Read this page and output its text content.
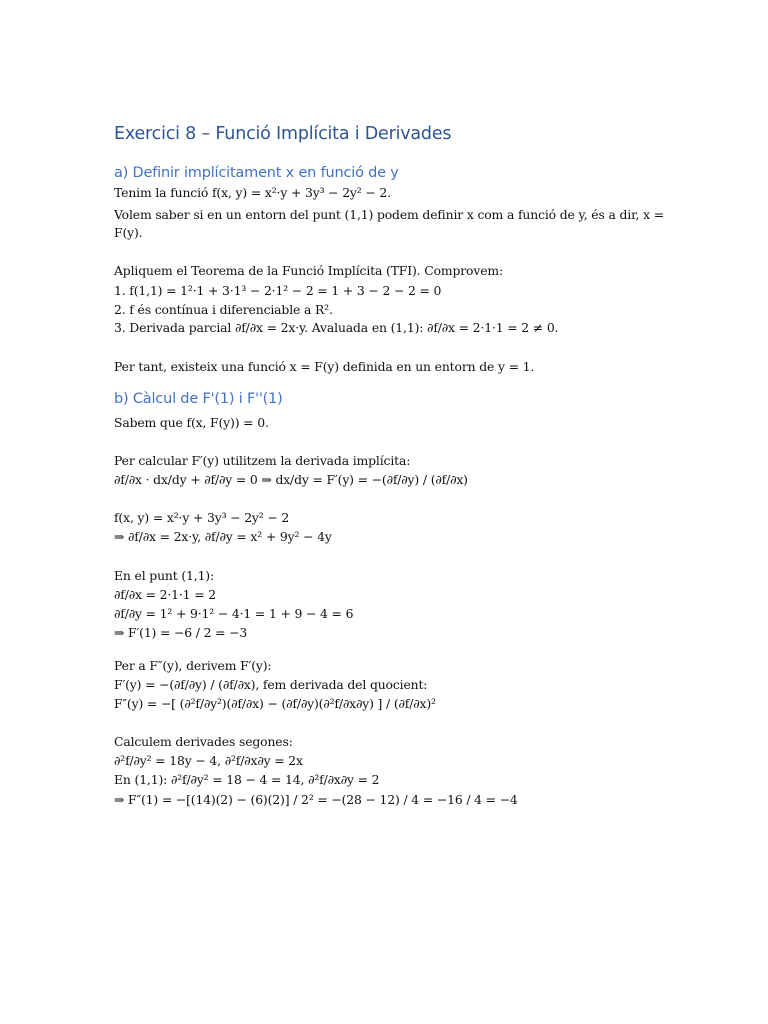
Exercici 8 – Funció Implícita i Derivades
a) Definir implícitament x en funció de y
Tenim la funció f(x, y) = x²·y + 3y³ − 2y² − 2.
Volem saber si en un entorn del punt (1,1) podem definir x com a funció de y, és a dir, x =
F(y).
Apliquem el Teorema de la Funció Implícita (TFI). Comprovem:
1. f(1,1) = 1²·1 + 3·1³ − 2·1² − 2 = 1 + 3 − 2 − 2 = 0
2. f és contínua i diferenciable a R².
3. Derivada parcial ∂f/∂x = 2x·y. Avaluada en (1,1): ∂f/∂x = 2·1·1 = 2 ≠ 0.
Per tant, existeix una funció x = F(y) definida en un entorn de y = 1.
b) Càlcul de F'(1) i F''(1)
Sabem que f(x, F(y)) = 0.
Per calcular F′(y) utilitzem la derivada implícita:
∂f/∂x · dx/dy + ∂f/∂y = 0 ⇒ dx/dy = F′(y) = −(∂f/∂y) / (∂f/∂x)
f(x, y) = x²·y + 3y³ − 2y² − 2
⇒ ∂f/∂x = 2x·y, ∂f/∂y = x² + 9y² − 4y
En el punt (1,1):
∂f/∂x = 2·1·1 = 2
∂f/∂y = 1² + 9·1² − 4·1 = 1 + 9 − 4 = 6
⇒ F′(1) = −6 / 2 = −3
Per a F″(y), derivem F′(y):
F′(y) = −(∂f/∂y) / (∂f/∂x), fem derivada del quocient:
F″(y) = −[ (∂²f/∂y²)(∂f/∂x) − (∂f/∂y)(∂²f/∂x∂y) ] / (∂f/∂x)²
Calculem derivades segones:
∂²f/∂y² = 18y − 4, ∂²f/∂x∂y = 2x
En (1,1): ∂²f/∂y² = 18 − 4 = 14, ∂²f/∂x∂y = 2
⇒ F″(1) = −[(14)(2) − (6)(2)] / 2² = −(28 − 12) / 4 = −16 / 4 = −4
